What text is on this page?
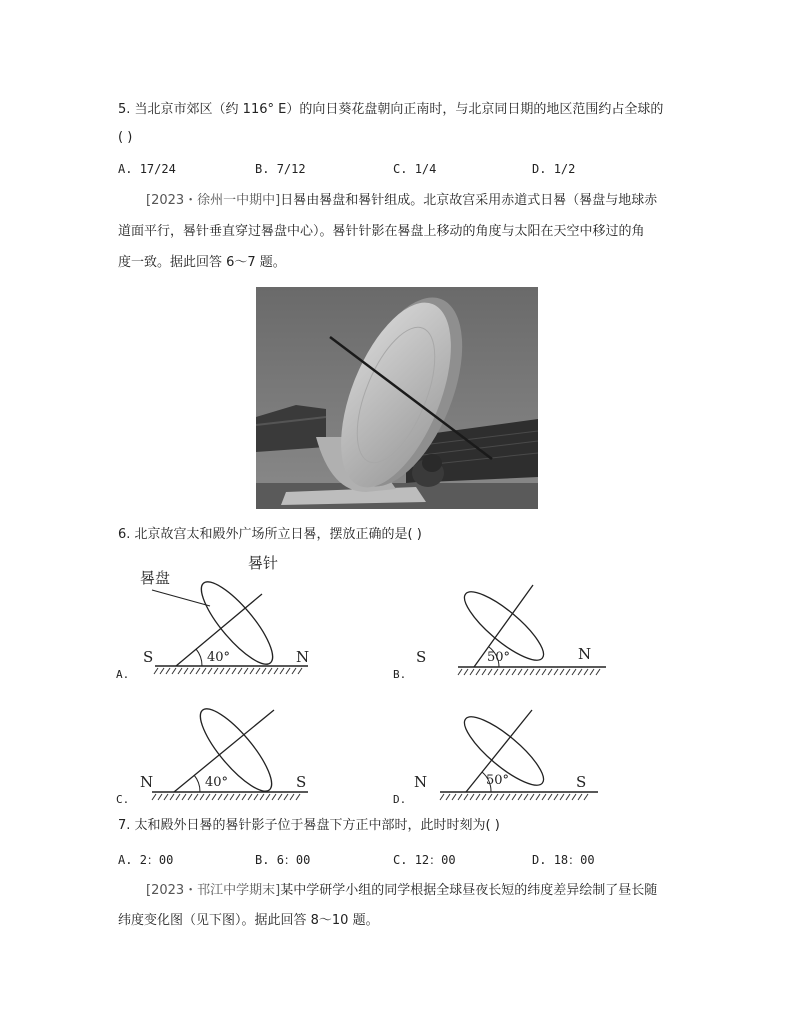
5. 当北京市郊区（约 116° E）的向日葵花盘朝向正南时，与北京同日期的地区范围约占全球的
( )
A. 17/24	B. 7/12	C. 1/4	D. 1/2
[2023・徐州一中期中]日晷由晷盘和晷针组成。北京故宫采用赤道式日晷（晷盘与地球赤
道面平行，晷针垂直穿过晷盘中心）。晷针针影在晷盘上移动的角度与太阳在天空中移过的角
度一致。据此回答 6～7 题。
6. 北京故宫太和殿外广场所立日晷，摆放正确的是( )
晷盘
晷针
S	N
40°
A.
S	N
50°
B.
N	S
40°
C.
N	S
50°
D.
7. 太和殿外日晷的晷针影子位于晷盘下方正中部时，此时时刻为( )
A. 2：00	B. 6：00	C. 12：00	D. 18：00
[2023・邗江中学期末]某中学研学小组的同学根据全球昼夜长短的纬度差异绘制了昼长随
纬度变化图（见下图）。据此回答 8～10 题。
